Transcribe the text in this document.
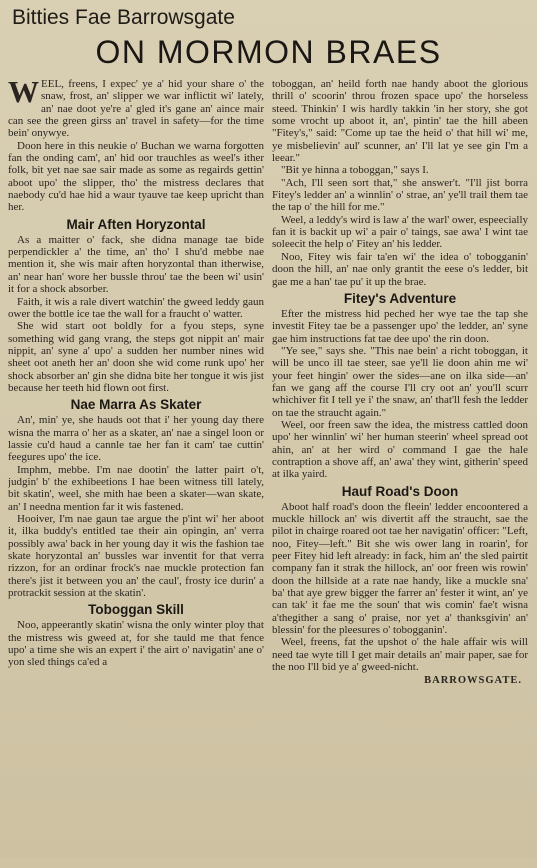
Bitties Fae Barrowsgate
ON MORMON BRAES

WEEL, freens, I expec' ye a' hid your share o' the snaw, frost, an' slipper we war inflictit wi' lately, an' nae doot ye're a' gled it's gane an' aince mair can see the green girss an' travel in safety—for the time bein' onywye.

Doon here in this neukie o' Buchan we warna forgotten fan the onding cam', an' hid oor trauchles as weel's ither folk, bit yet nae sae sair made as some as regairds gettin' aboot upo' the slipper, tho' the mistress declares that naebody cu'd hae hid a waur tyauve tae keep upricht than her.

Mair Aften Horyzontal

As a maitter o' fack, she didna manage tae bide perpendickler a' the time, an' tho' I shu'd mebbe nae mention it, she wis mair aften horyzontal than itherwise, an' near han' wore her bussle throu' tae the been wi' usin' it for a shock absorber.

Faith, it wis a rale divert watchin' the gweed leddy gaun ower the bottle ice tae the wall for a fraucht o' watter.

She wid start oot boldly for a fyou steps, syne something wid gang vrang, the steps got nippit an' mair nippit, an' syne a' upo' a sudden her number nines wid sheet oot aneth her an' doon she wid come runk upo' her shock absorber an' gin she didna bite her tongue it wis jist because her teeth hid flown oot first.

Nae Marra As Skater

An', min' ye, she hauds oot that i' her young day there wisna the marra o' her as a skater, an' nae a singel loon or lassie cu'd haud a cannle tae her fan it cam' tae cuttin' feegures upo' the ice.

Imphm, mebbe. I'm nae dootin' the latter pairt o't, judgin' b' the exhibeetions I hae been witness till lately, bit skatin', weel, she mith hae been a skater—wan skate, an' I needna mention far it wis fastened.

Hooiver, I'm nae gaun tae argue the p'int wi' her aboot it, ilka buddy's entitled tae their ain opingin, an' verra possibly awa' back in her young day it wis the fashion tae skate horyzontal an' bussles war inventit for that verra rizzon, for an ordinar frock's nae muckle protection fan there's jist it between you an' the caul', frosty ice durin' a protrackit session at the skatin'.

Toboggan Skill

Noo, appeerantly skatin' wisna the only winter ploy that the mistress wis gweed at, for she tauld me that fence upo' a time she wis an expert i' the airt o' navigatin' ane o' yon sled things ca'ed a

toboggan, an' heild forth nae handy aboot the glorious thrill o' scoorin' throu frozen space upo' the horseless steed. Thinkin' I wis hardly takkin 'in her story, she got some vrocht up aboot it, an', pintin' tae the hill abeen "Fitey's," said: "Come up tae the heid o' that hill wi' me, ye misbelievin' aul' scunner, an' I'll lat ye see gin I'm a leear."

"Bit ye hinna a toboggan," says I.

"Ach, I'll seen sort that," she answer't. "I'll jist borra Fitey's ledder an' a winnlin' o' strae, an' ye'll trail them tae the tap o' the hill for me."

Weel, a leddy's wird is law a' the warl' ower, espeecially fan it is backit up wi' a pair o' taings, sae awa' I wint tae soleecit the help o' Fitey an' his ledder.

Noo, Fitey wis fair ta'en wi' the idea o' tobogganin' doon the hill, an' nae only grantit the eese o's ledder, bit gae me a han' tae pu' it up the brae.

Fitey's Adventure

Efter the mistress hid peched her wye tae the tap she investit Fitey tae be a passenger upo' the ledder, an' syne gae him instructions fat tae dee upo' the rin doon.

"Ye see," says she. "This nae bein' a richt toboggan, it will be unco ill tae steer, sae ye'll lie doon ahin me wi' your feet hingin' ower the sides—ane on ilka side—an' fan we gang aff the course I'll cry oot an' you'll scurr whichiver fit I tell ye i' the snaw, an' that'll fesh the ledder on tae the straucht again."

Weel, oor freen saw the idea, the mistress cattled doon upo' her winnlin' wi' her human steerin' wheel spread oot ahin, an' at her wird o' command I gae the hale contraption a shove aff, an' awa' they wint, githerin' speed at ilka yaird.

Hauf Road's Doon

Aboot half road's doon the fleein' ledder encoontered a muckle hillock an' wis divertit aff the straucht, sae the pilot in chairge roared oot tae her navigatin' officer: "Left, noo, Fitey—left." Bit she wis ower lang in roarin', for peer Fitey hid left already: in fack, him an' the sled pairtit company fan it strak the hillock, an' oor freen wis rowin' doon the hillside at a rate nae handy, like a muckle sna' ba' that aye grew bigger the farrer an' fester it wint, an' ye can tak' it fae me the soun' that wis comin' fae't wisna a'thegither a sang o' praise, nor yet a' thanksgivin' an' blessin' for the pleesures o' tobogganin'.

Weel, freens, fat the upshot o' the hale affair wis will need tae wyte till I get mair details an' mair paper, sae for the noo I'll bid ye a' gweed-nicht.

BARROWSGATE.
